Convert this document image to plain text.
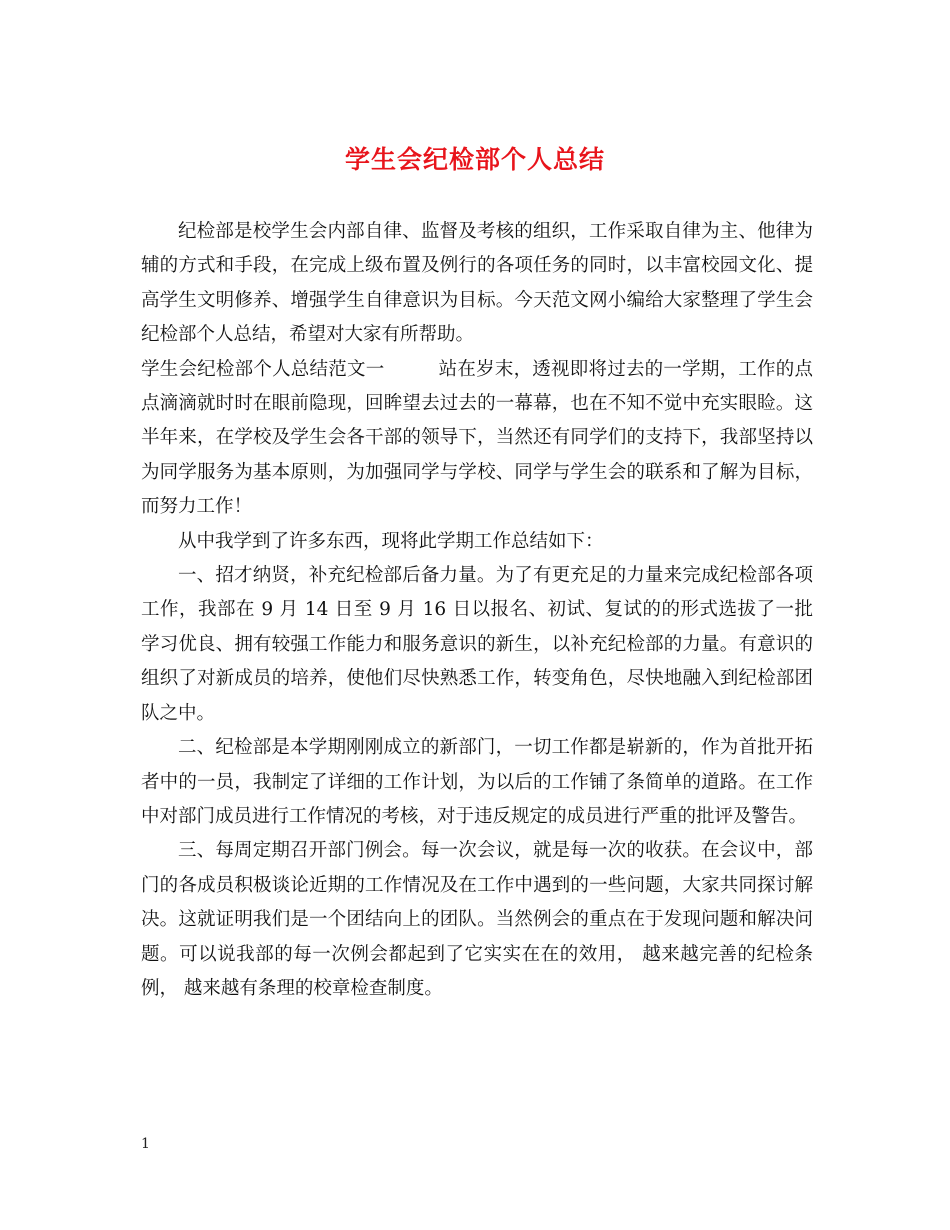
学生会纪检部个人总结

纪检部是校学生会内部自律、监督及考核的组织，工作采取自律为主、他律为辅的方式和手段，在完成上级布置及例行的各项任务的同时，以丰富校园文化、提高学生文明修养、增强学生自律意识为目标。今天范文网小编给大家整理了学生会纪检部个人总结，希望对大家有所帮助。

学生会纪检部个人总结范文一	站在岁末，透视即将过去的一学期，工作的点点滴滴就时时在眼前隐现，回眸望去过去的一幕幕，也在不知不觉中充实眼睑。这半年来，在学校及学生会各干部的领导下，当然还有同学们的支持下，我部坚持以为同学服务为基本原则，为加强同学与学校、同学与学生会的联系和了解为目标，而努力工作！

从中我学到了许多东西，现将此学期工作总结如下：

一、招才纳贤，补充纪检部后备力量。为了有更充足的力量来完成纪检部各项工作，我部在 9 月 14 日至 9 月 16 日以报名、初试、复试的的形式选拔了一批学习优良、拥有较强工作能力和服务意识的新生，以补充纪检部的力量。有意识的组织了对新成员的培养，使他们尽快熟悉工作，转变角色，尽快地融入到纪检部团队之中。

二、纪检部是本学期刚刚成立的新部门，一切工作都是崭新的，作为首批开拓者中的一员，我制定了详细的工作计划，为以后的工作铺了条简单的道路。在工作中对部门成员进行工作情况的考核，对于违反规定的成员进行严重的批评及警告。

三、每周定期召开部门例会。每一次会议，就是每一次的收获。在会议中，部门的各成员积极谈论近期的工作情况及在工作中遇到的一些问题，大家共同探讨解决。这就证明我们是一个团结向上的团队。当然例会的重点在于发现问题和解决问题。可以说我部的每一次例会都起到了它实实在在的效用， 越来越完善的纪检条例， 越来越有条理的校章检查制度。

1
